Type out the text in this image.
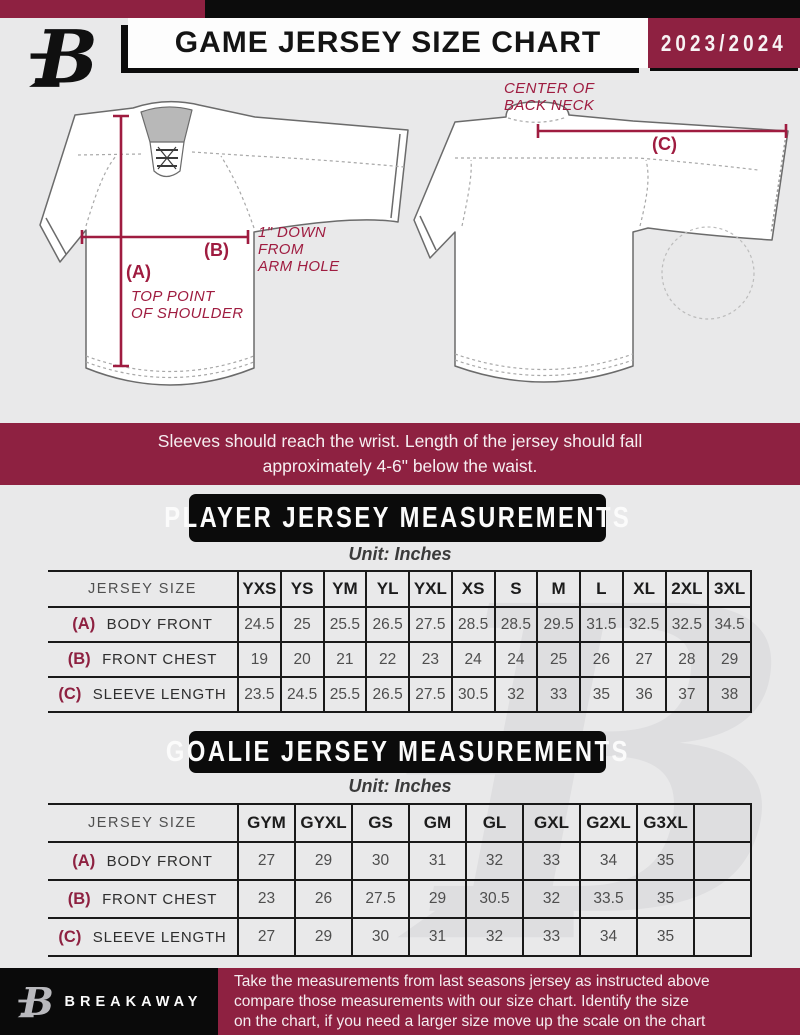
GAME JERSEY SIZE CHART	2023/2024
(B)
1" DOWN
FROM
ARM HOLE
(A)
TOP POINT
OF SHOULDER
CENTER OF
BACK NECK
(C)
Sleeves should reach the wrist. Length of the jersey should fall
approximately 4-6" below the waist.
PLAYER JERSEY MEASUREMENTS
Unit: Inches
JERSEY SIZE	YXS	YS	YM	YL	YXL	XS	S	M	L	XL	2XL	3XL
(A) BODY FRONT	24.5	25	25.5	26.5	27.5	28.5	28.5	29.5	31.5	32.5	32.5	34.5
(B) FRONT CHEST	19	20	21	22	23	24	24	25	26	27	28	29
(C) SLEEVE LENGTH	23.5	24.5	25.5	26.5	27.5	30.5	32	33	35	36	37	38
GOALIE JERSEY MEASUREMENTS
Unit: Inches
JERSEY SIZE	GYM	GYXL	GS	GM	GL	GXL	G2XL	G3XL	
(A) BODY FRONT	27	29	30	31	32	33	34	35	
(B) FRONT CHEST	23	26	27.5	29	30.5	32	33.5	35	
(C) SLEEVE LENGTH	27	29	30	31	32	33	34	35	
BREAKAWAY
Take the measurements from last seasons jersey as instructed above
compare those measurements with our size chart. Identify the size
on the chart, if you need a larger size move up the scale on the chart
